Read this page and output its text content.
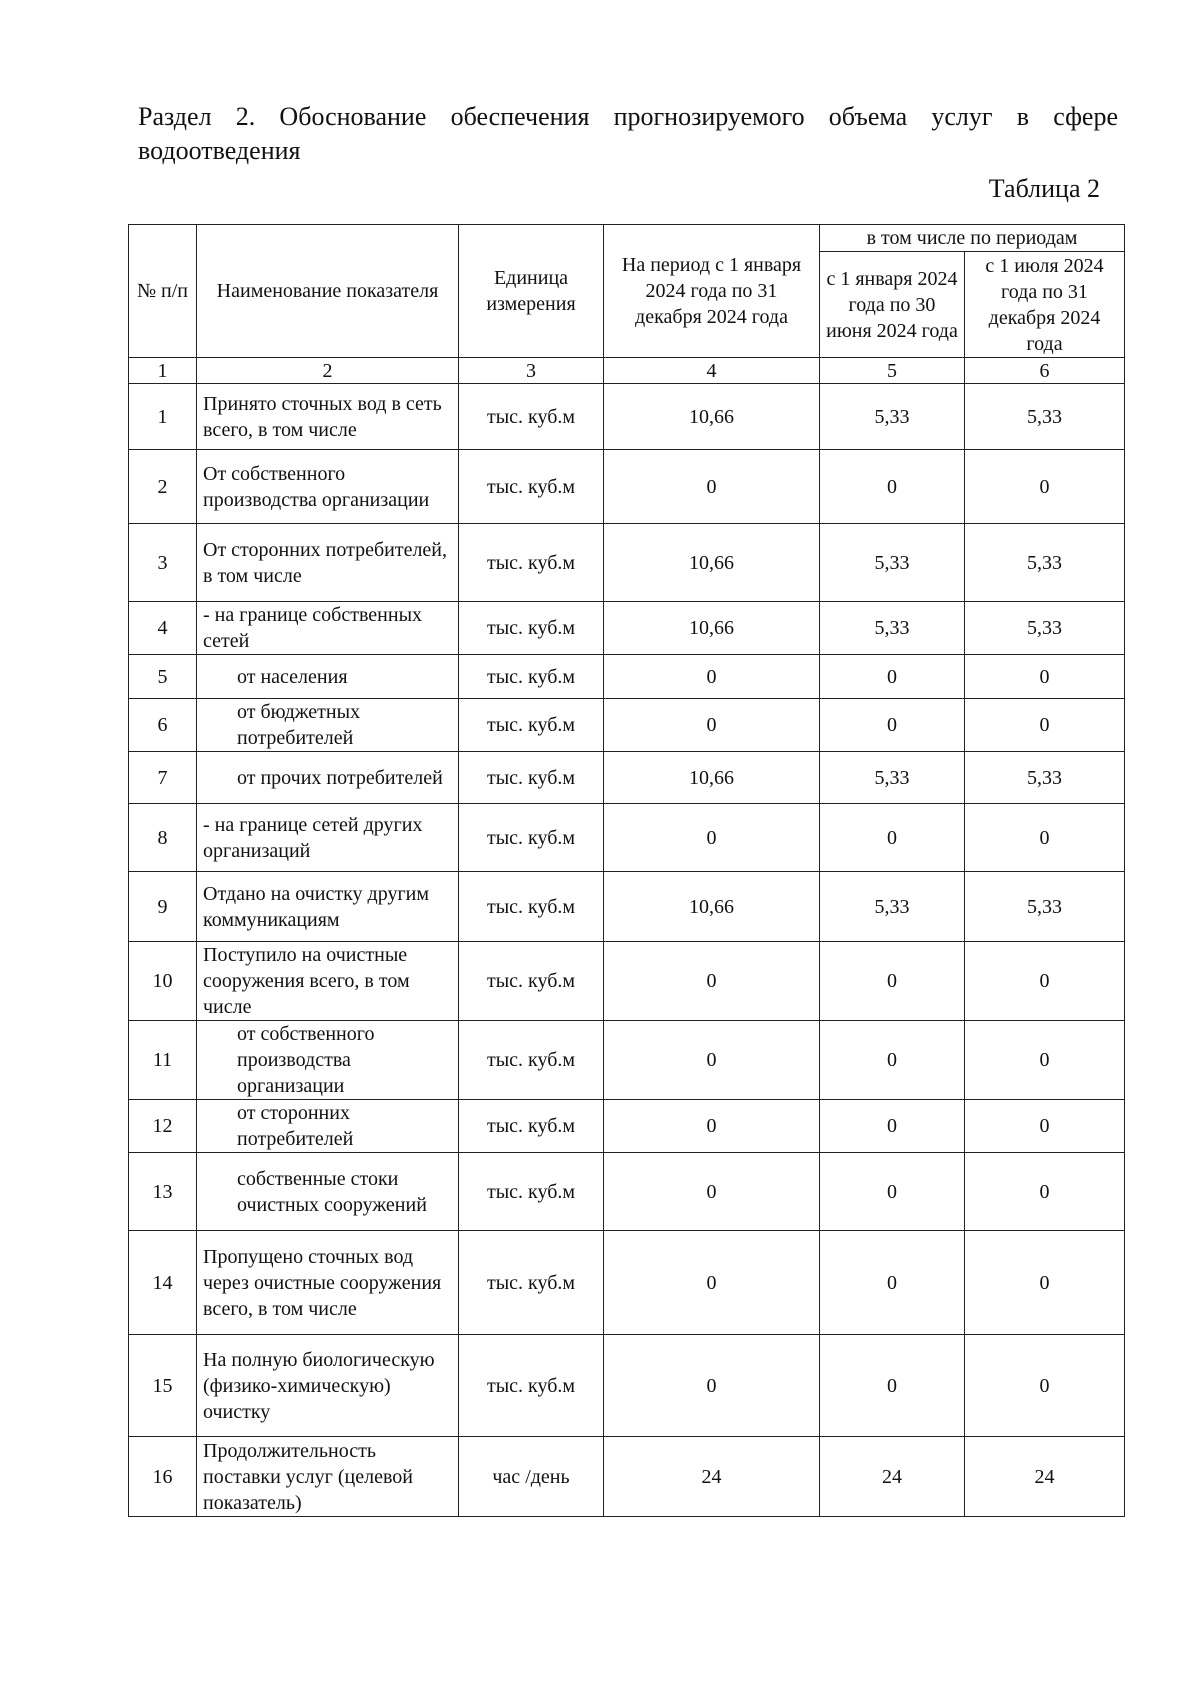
Раздел 2. Обоснование обеспечения прогнозируемого объема услуг в сфере водоотведения

Таблица 2

№ п/п	Наименование показателя	Единица измерения	На период с 1 января 2024 года по 31 декабря 2024 года	в том числе по периодам	
				с 1 января 2024 года по 30 июня 2024 года	с 1 июля 2024 года по 31 декабря 2024 года
1	2	3	4	5	6
1	Принято сточных вод в сеть всего, в том числе	тыс. куб.м	10,66	5,33	5,33
2	От собственного производства организации	тыс. куб.м	0	0	0
3	От сторонних потребителей, в том числе	тыс. куб.м	10,66	5,33	5,33
4	- на границе собственных сетей	тыс. куб.м	10,66	5,33	5,33
5	от населения	тыс. куб.м	0	0	0
6	от бюджетных потребителей	тыс. куб.м	0	0	0
7	от прочих потребителей	тыс. куб.м	10,66	5,33	5,33
8	- на границе сетей других организаций	тыс. куб.м	0	0	0
9	Отдано на очистку другим коммуникациям	тыс. куб.м	10,66	5,33	5,33
10	Поступило на очистные сооружения всего, в том числе	тыс. куб.м	0	0	0
11	от собственного производства организации	тыс. куб.м	0	0	0
12	от сторонних потребителей	тыс. куб.м	0	0	0
13	собственные стоки очистных сооружений	тыс. куб.м	0	0	0
14	Пропущено сточных вод через очистные сооружения всего, в том числе	тыс. куб.м	0	0	0
15	На полную биологическую (физико-химическую) очистку	тыс. куб.м	0	0	0
16	Продолжительность поставки услуг (целевой показатель)	час /день	24	24	24
